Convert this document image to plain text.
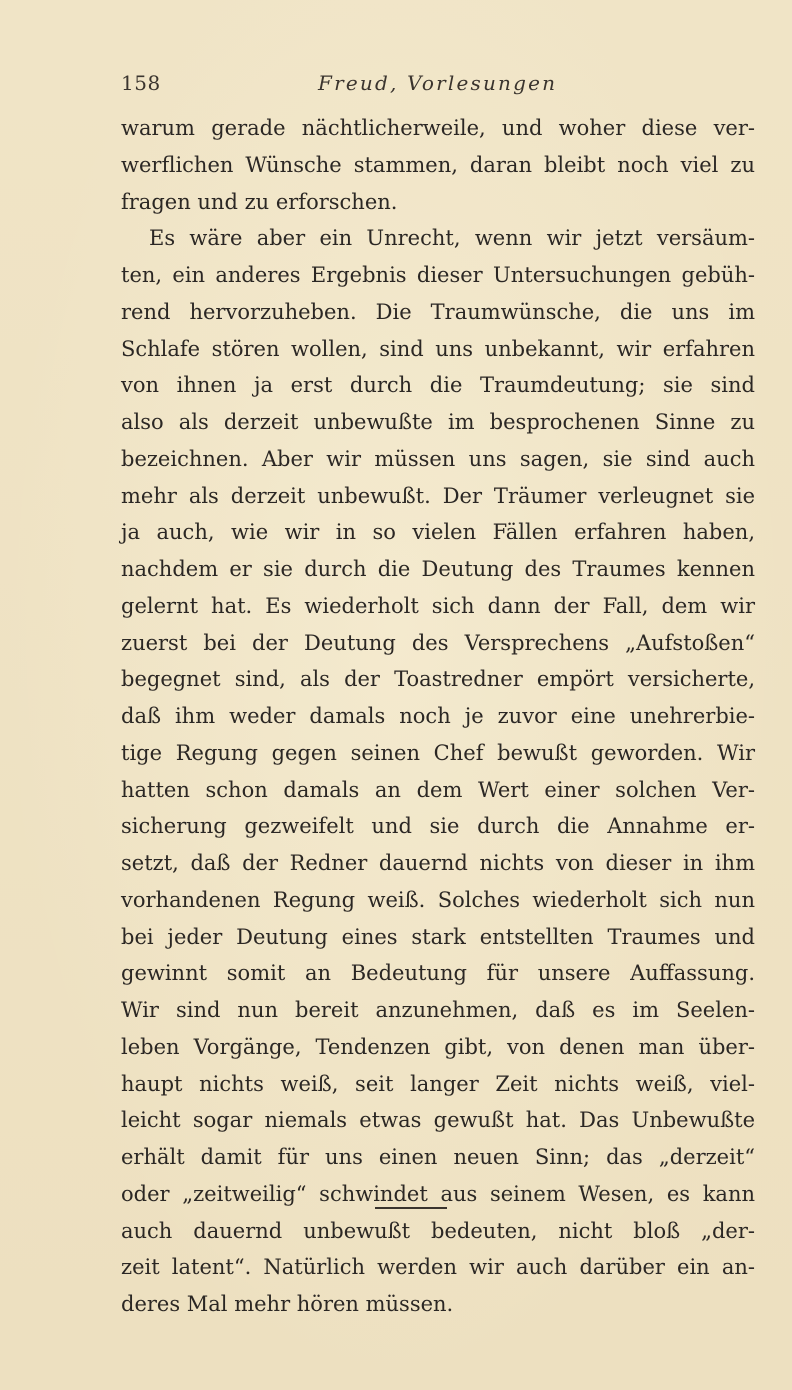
158	Freud, Vorlesungen
warum gerade nächtlicherweile, und woher diese ver-
werflichen Wünsche stammen, daran bleibt noch viel zu
fragen und zu erforschen.
Es wäre aber ein Unrecht, wenn wir jetzt versäum-
ten, ein anderes Ergebnis dieser Untersuchungen gebüh-
rend hervorzuheben. Die Traumwünsche, die uns im
Schlafe stören wollen, sind uns unbekannt, wir erfahren
von ihnen ja erst durch die Traumdeutung; sie sind
also als derzeit unbewußte im besprochenen Sinne zu
bezeichnen. Aber wir müssen uns sagen, sie sind auch
mehr als derzeit unbewußt. Der Träumer verleugnet sie
ja auch, wie wir in so vielen Fällen erfahren haben,
nachdem er sie durch die Deutung des Traumes kennen
gelernt hat. Es wiederholt sich dann der Fall, dem wir
zuerst bei der Deutung des Versprechens „Aufstoßen“
begegnet sind, als der Toastredner empört versicherte,
daß ihm weder damals noch je zuvor eine unehrerbie-
tige Regung gegen seinen Chef bewußt geworden. Wir
hatten schon damals an dem Wert einer solchen Ver-
sicherung gezweifelt und sie durch die Annahme er-
setzt, daß der Redner dauernd nichts von dieser in ihm
vorhandenen Regung weiß. Solches wiederholt sich nun
bei jeder Deutung eines stark entstellten Traumes und
gewinnt somit an Bedeutung für unsere Auffassung.
Wir sind nun bereit anzunehmen, daß es im Seelen-
leben Vorgänge, Tendenzen gibt, von denen man über-
haupt nichts weiß, seit langer Zeit nichts weiß, viel-
leicht sogar niemals etwas gewußt hat. Das Unbewußte
erhält damit für uns einen neuen Sinn; das „derzeit“
oder „zeitweilig“ schwindet aus seinem Wesen, es kann
auch dauernd unbewußt bedeuten, nicht bloß „der-
zeit latent“. Natürlich werden wir auch darüber ein an-
deres Mal mehr hören müssen.
